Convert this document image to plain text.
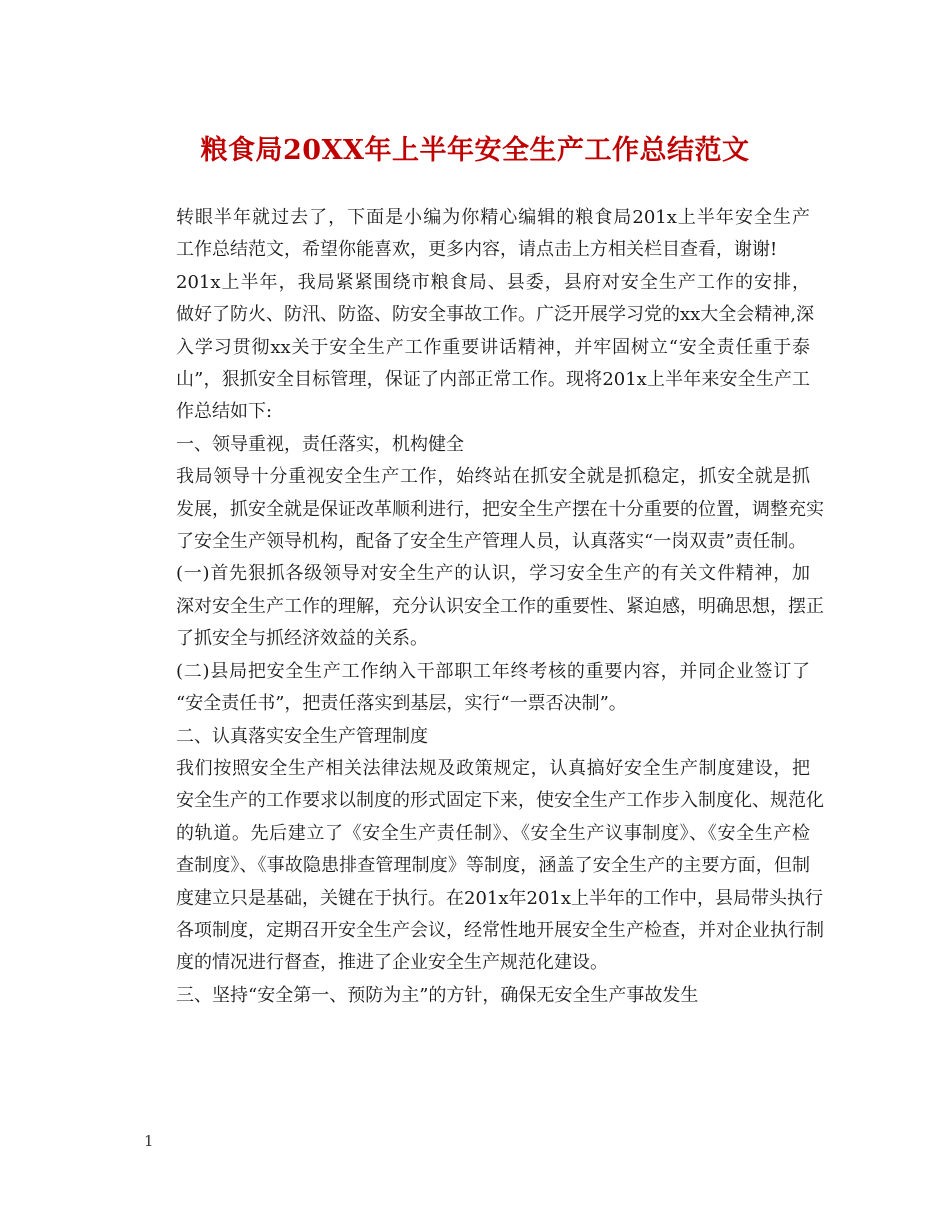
粮食局20XX年上半年安全生产工作总结范文

转眼半年就过去了，下面是小编为你精心编辑的粮食局201x上半年安全生产
工作总结范文，希望你能喜欢，更多内容，请点击上方相关栏目查看，谢谢!

201x上半年，我局紧紧围绕市粮食局、县委，县府对安全生产工作的安排，
做好了防火、防汛、防盗、防安全事故工作。广泛开展学习党的xx大全会精神,深
入学习贯彻xx关于安全生产工作重要讲话精神，并牢固树立“安全责任重于泰
山”，狠抓安全目标管理，保证了内部正常工作。现将201x上半年来安全生产工
作总结如下:

一、领导重视，责任落实，机构健全

我局领导十分重视安全生产工作，始终站在抓安全就是抓稳定，抓安全就是抓
发展，抓安全就是保证改革顺利进行，把安全生产摆在十分重要的位置，调整充实
了安全生产领导机构，配备了安全生产管理人员，认真落实“一岗双责”责任制。

(一)首先狠抓各级领导对安全生产的认识，学习安全生产的有关文件精神，加
深对安全生产工作的理解，充分认识安全工作的重要性、紧迫感，明确思想，摆正
了抓安全与抓经济效益的关系。

(二)县局把安全生产工作纳入干部职工年终考核的重要内容，并同企业签订了
“安全责任书”，把责任落实到基层，实行“一票否决制”。

二、认真落实安全生产管理制度

我们按照安全生产相关法律法规及政策规定，认真搞好安全生产制度建设，把
安全生产的工作要求以制度的形式固定下来，使安全生产工作步入制度化、规范化
的轨道。先后建立了《安全生产责任制》、《安全生产议事制度》、《安全生产检
查制度》、《事故隐患排查管理制度》等制度，涵盖了安全生产的主要方面，但制
度建立只是基础，关键在于执行。在201x年201x上半年的工作中，县局带头执行
各项制度，定期召开安全生产会议，经常性地开展安全生产检查，并对企业执行制
度的情况进行督查，推进了企业安全生产规范化建设。

三、坚持“安全第一、预防为主”的方针，确保无安全生产事故发生

1
